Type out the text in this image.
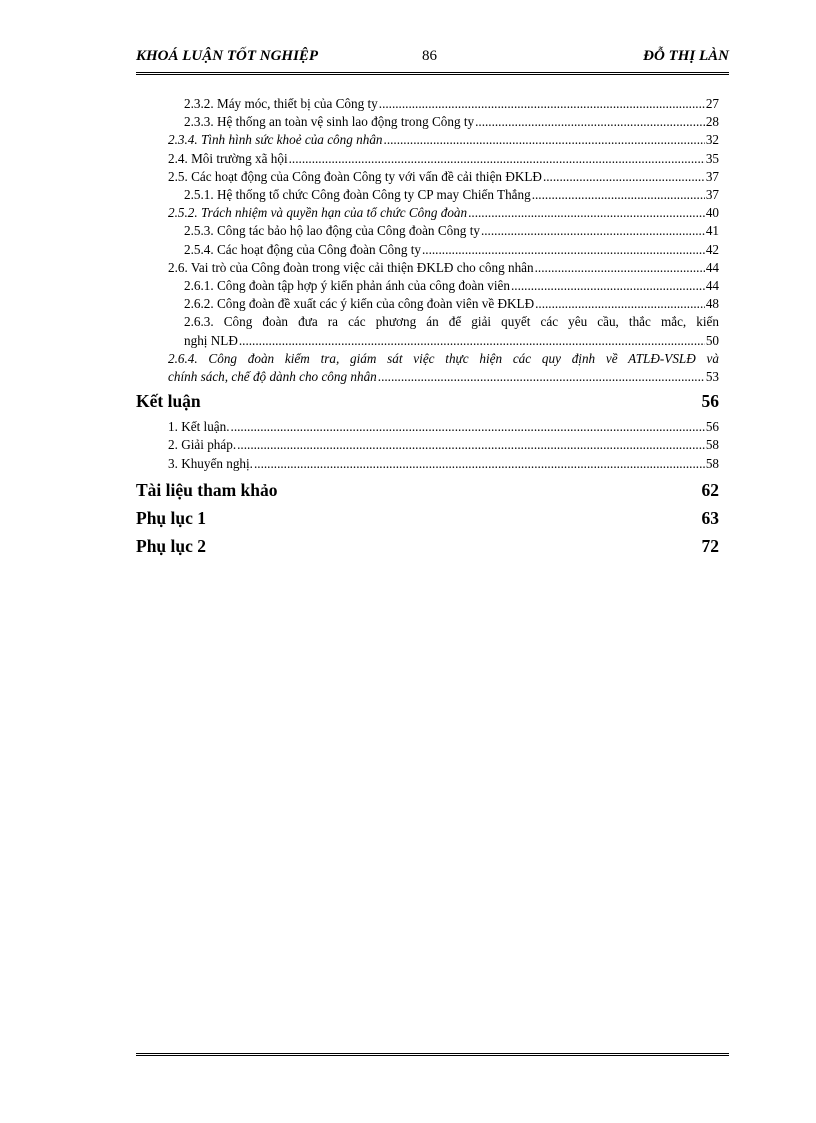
KHOÁ LUẬN TỐT NGHIỆP	86	ĐỖ THỊ LÀN
2.3.2. Máy móc, thiết bị của Công ty .....	27
2.3.3. Hệ thống an toàn vệ sinh lao động trong Công ty .....	28
2.3.4. Tình hình sức khoẻ của công nhân .....	32
2.4. Môi trường xã hội .....	35
2.5. Các hoạt động của Công đoàn Công ty với vấn đề cải thiện ĐKLĐ .....	37
2.5.1. Hệ thống tổ chức Công đoàn Công ty CP may Chiến Thắng .....	37
2.5.2. Trách nhiệm và quyền hạn của tổ chức Công đoàn .....	40
2.5.3. Công tác bảo hộ lao động của Công đoàn Công ty .....	41
2.5.4. Các hoạt động của Công đoàn Công ty .....	42
2.6. Vai trò của Công đoàn trong việc cải thiện ĐKLĐ cho công nhân .....	44
2.6.1. Công đoàn tập hợp ý kiến phản ánh của công đoàn viên .....	44
2.6.2. Công đoàn đề xuất các ý kiến của công đoàn viên về ĐKLĐ .....	48
2.6.3. Công đoàn đưa ra các phương án để giải quyết các yêu cầu, thắc mắc, kiến
nghị NLĐ .....	50
2.6.4. Công đoàn kiểm tra, giám sát việc thực hiện các quy định về ATLĐ-VSLĐ và
chính sách, chế độ dành cho công nhân .....	53
Kết luận	56
1. Kết luận. .....	56
2. Giải pháp. .....	58
3. Khuyến nghị. .....	58
Tài liệu tham khảo	62
Phụ lục 1	63
Phụ lục 2	72
